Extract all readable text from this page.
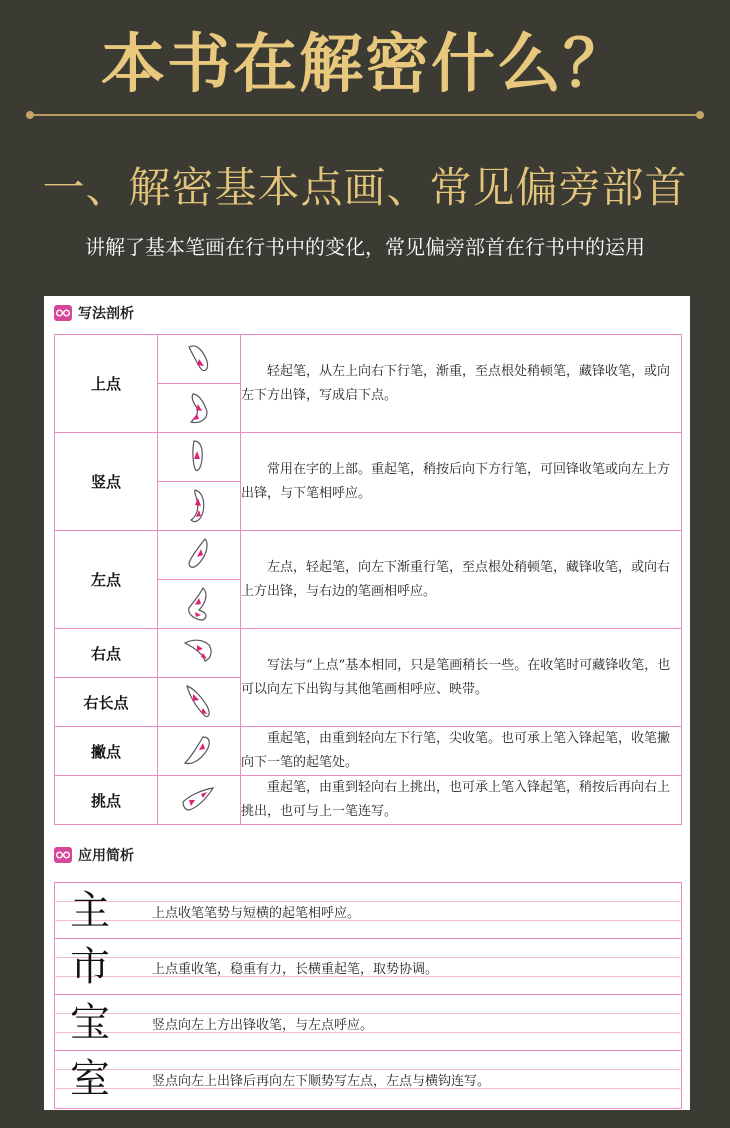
本书在解密什么？
一、解密基本点画、常见偏旁部首
讲解了基本笔画在行书中的变化，常见偏旁部首在行书中的运用
写法剖析
上点		轻起笔，从左上向右下行笔，渐重，至点根处稍顿笔，藏锋收笔，或向左下方出锋，写成启下点。

竖点		常用在字的上部。重起笔，稍按后向下方行笔，可回锋收笔或向左上方出锋，与下笔相呼应。

左点		左点，轻起笔，向左下渐重行笔，至点根处稍顿笔，藏锋收笔，或向右上方出锋，与右边的笔画相呼应。

右点		写法与“上点”基本相同，只是笔画稍长一些。在收笔时可藏锋收笔，也可以向左下出钩与其他笔画相呼应、映带。
右长点	

撇点		重起笔，由重到轻向左下行笔，尖收笔。也可承上笔入锋起笔，收笔撇向下一笔的起笔处。
挑点		重起笔，由重到轻向右上挑出，也可承上笔入锋起笔，稍按后再向右上挑出，也可与上一笔连写。
应用简析
主	上点收笔笔势与短横的起笔相呼应。
市	上点重收笔，稳重有力，长横重起笔，取势协调。
宝	竖点向左上方出锋收笔，与左点呼应。
室	竖点向左上出锋后再向左下顺势写左点，左点与横钩连写。
